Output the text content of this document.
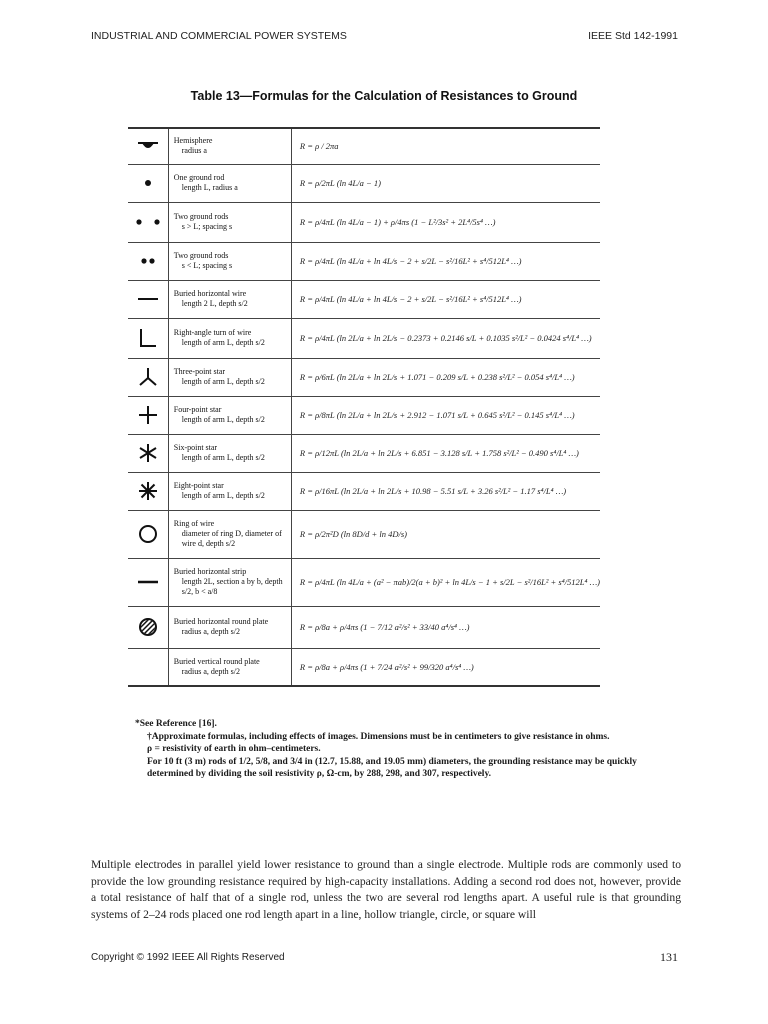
INDUSTRIAL AND COMMERCIAL POWER SYSTEMS	IEEE Std 142-1991
Table 13—Formulas for the Calculation of Resistances to Ground

Hemisphere
radius a	R = ρ / 2πa

One ground rod
length L, radius a	R = ρ/2πL (ln 4L/a − 1)

Two ground rods
s > L; spacing s	R = ρ/4πL (ln 4L/a − 1) + ρ/4πs (1 − L²/3s² + 2L⁴/5s⁴ …)

Two ground rods
s < L; spacing s	R = ρ/4πL (ln 4L/a + ln 4L/s − 2 + s/2L − s²/16L² + s⁴/512L⁴ …)

Buried horizontal wire
length 2 L, depth s/2	R = ρ/4πL (ln 4L/a + ln 4L/s − 2 + s/2L − s²/16L² + s⁴/512L⁴ …)

Right-angle turn of wire
length of arm L, depth s/2	R = ρ/4πL (ln 2L/a + ln 2L/s − 0.2373 + 0.2146 s/L + 0.1035 s²/L² − 0.0424 s⁴/L⁴ …)

Three-point star
length of arm L, depth s/2	R = ρ/6πL (ln 2L/a + ln 2L/s + 1.071 − 0.209 s/L + 0.238 s²/L² − 0.054 s⁴/L⁴ …)

Four-point star
length of arm L, depth s/2	R = ρ/8πL (ln 2L/a + ln 2L/s + 2.912 − 1.071 s/L + 0.645 s²/L² − 0.145 s⁴/L⁴ …)

Six-point star
length of arm L, depth s/2	R = ρ/12πL (ln 2L/a + ln 2L/s + 6.851 − 3.128 s/L + 1.758 s²/L² − 0.490 s⁴/L⁴ …)

Eight-point star
length of arm L, depth s/2	R = ρ/16πL (ln 2L/a + ln 2L/s + 10.98 − 5.51 s/L + 3.26 s²/L² − 1.17 s⁴/L⁴ …)

Ring of wire
diameter of ring D, diameter of wire d, depth s/2	R = ρ/2π²D (ln 8D/d + ln 4D/s)

Buried horizontal strip
length 2L, section a by b, depth s/2, b < a/8	R = ρ/4πL (ln 4L/a + (a² − πab)/2(a + b)² + ln 4L/s − 1 + s/2L − s²/16L² + s⁴/512L⁴ …)

Buried horizontal round plate
radius a, depth s/2	R = ρ/8a + ρ/4πs (1 − 7/12 a²/s² + 33/40 a⁴/s⁴ …)

	Buried vertical round plate
radius a, depth s/2	R = ρ/8a + ρ/4πs (1 + 7/24 a²/s² + 99/320 a⁴/s⁴ …)
*See Reference [16].
†Approximate formulas, including effects of images. Dimensions must be in centimeters to give resistance in ohms.
ρ = resistivity of earth in ohm–centimeters.
For 10 ft (3 m) rods of 1/2, 5/8, and 3/4 in (12.7, 15.88, and 19.05 mm) diameters, the grounding resistance may be quickly determined by dividing the soil resistivity ρ, Ω-cm, by 288, 298, and 307, respectively.
Multiple electrodes in parallel yield lower resistance to ground than a single electrode. Multiple rods are commonly used to provide the low grounding resistance required by high-capacity installations. Adding a second rod does not, however, provide a total resistance of half that of a single rod, unless the two are several rod lengths apart. A useful rule is that grounding systems of 2–24 rods placed one rod length apart in a line, hollow triangle, circle, or square will
Copyright © 1992 IEEE All Rights Reserved	131
